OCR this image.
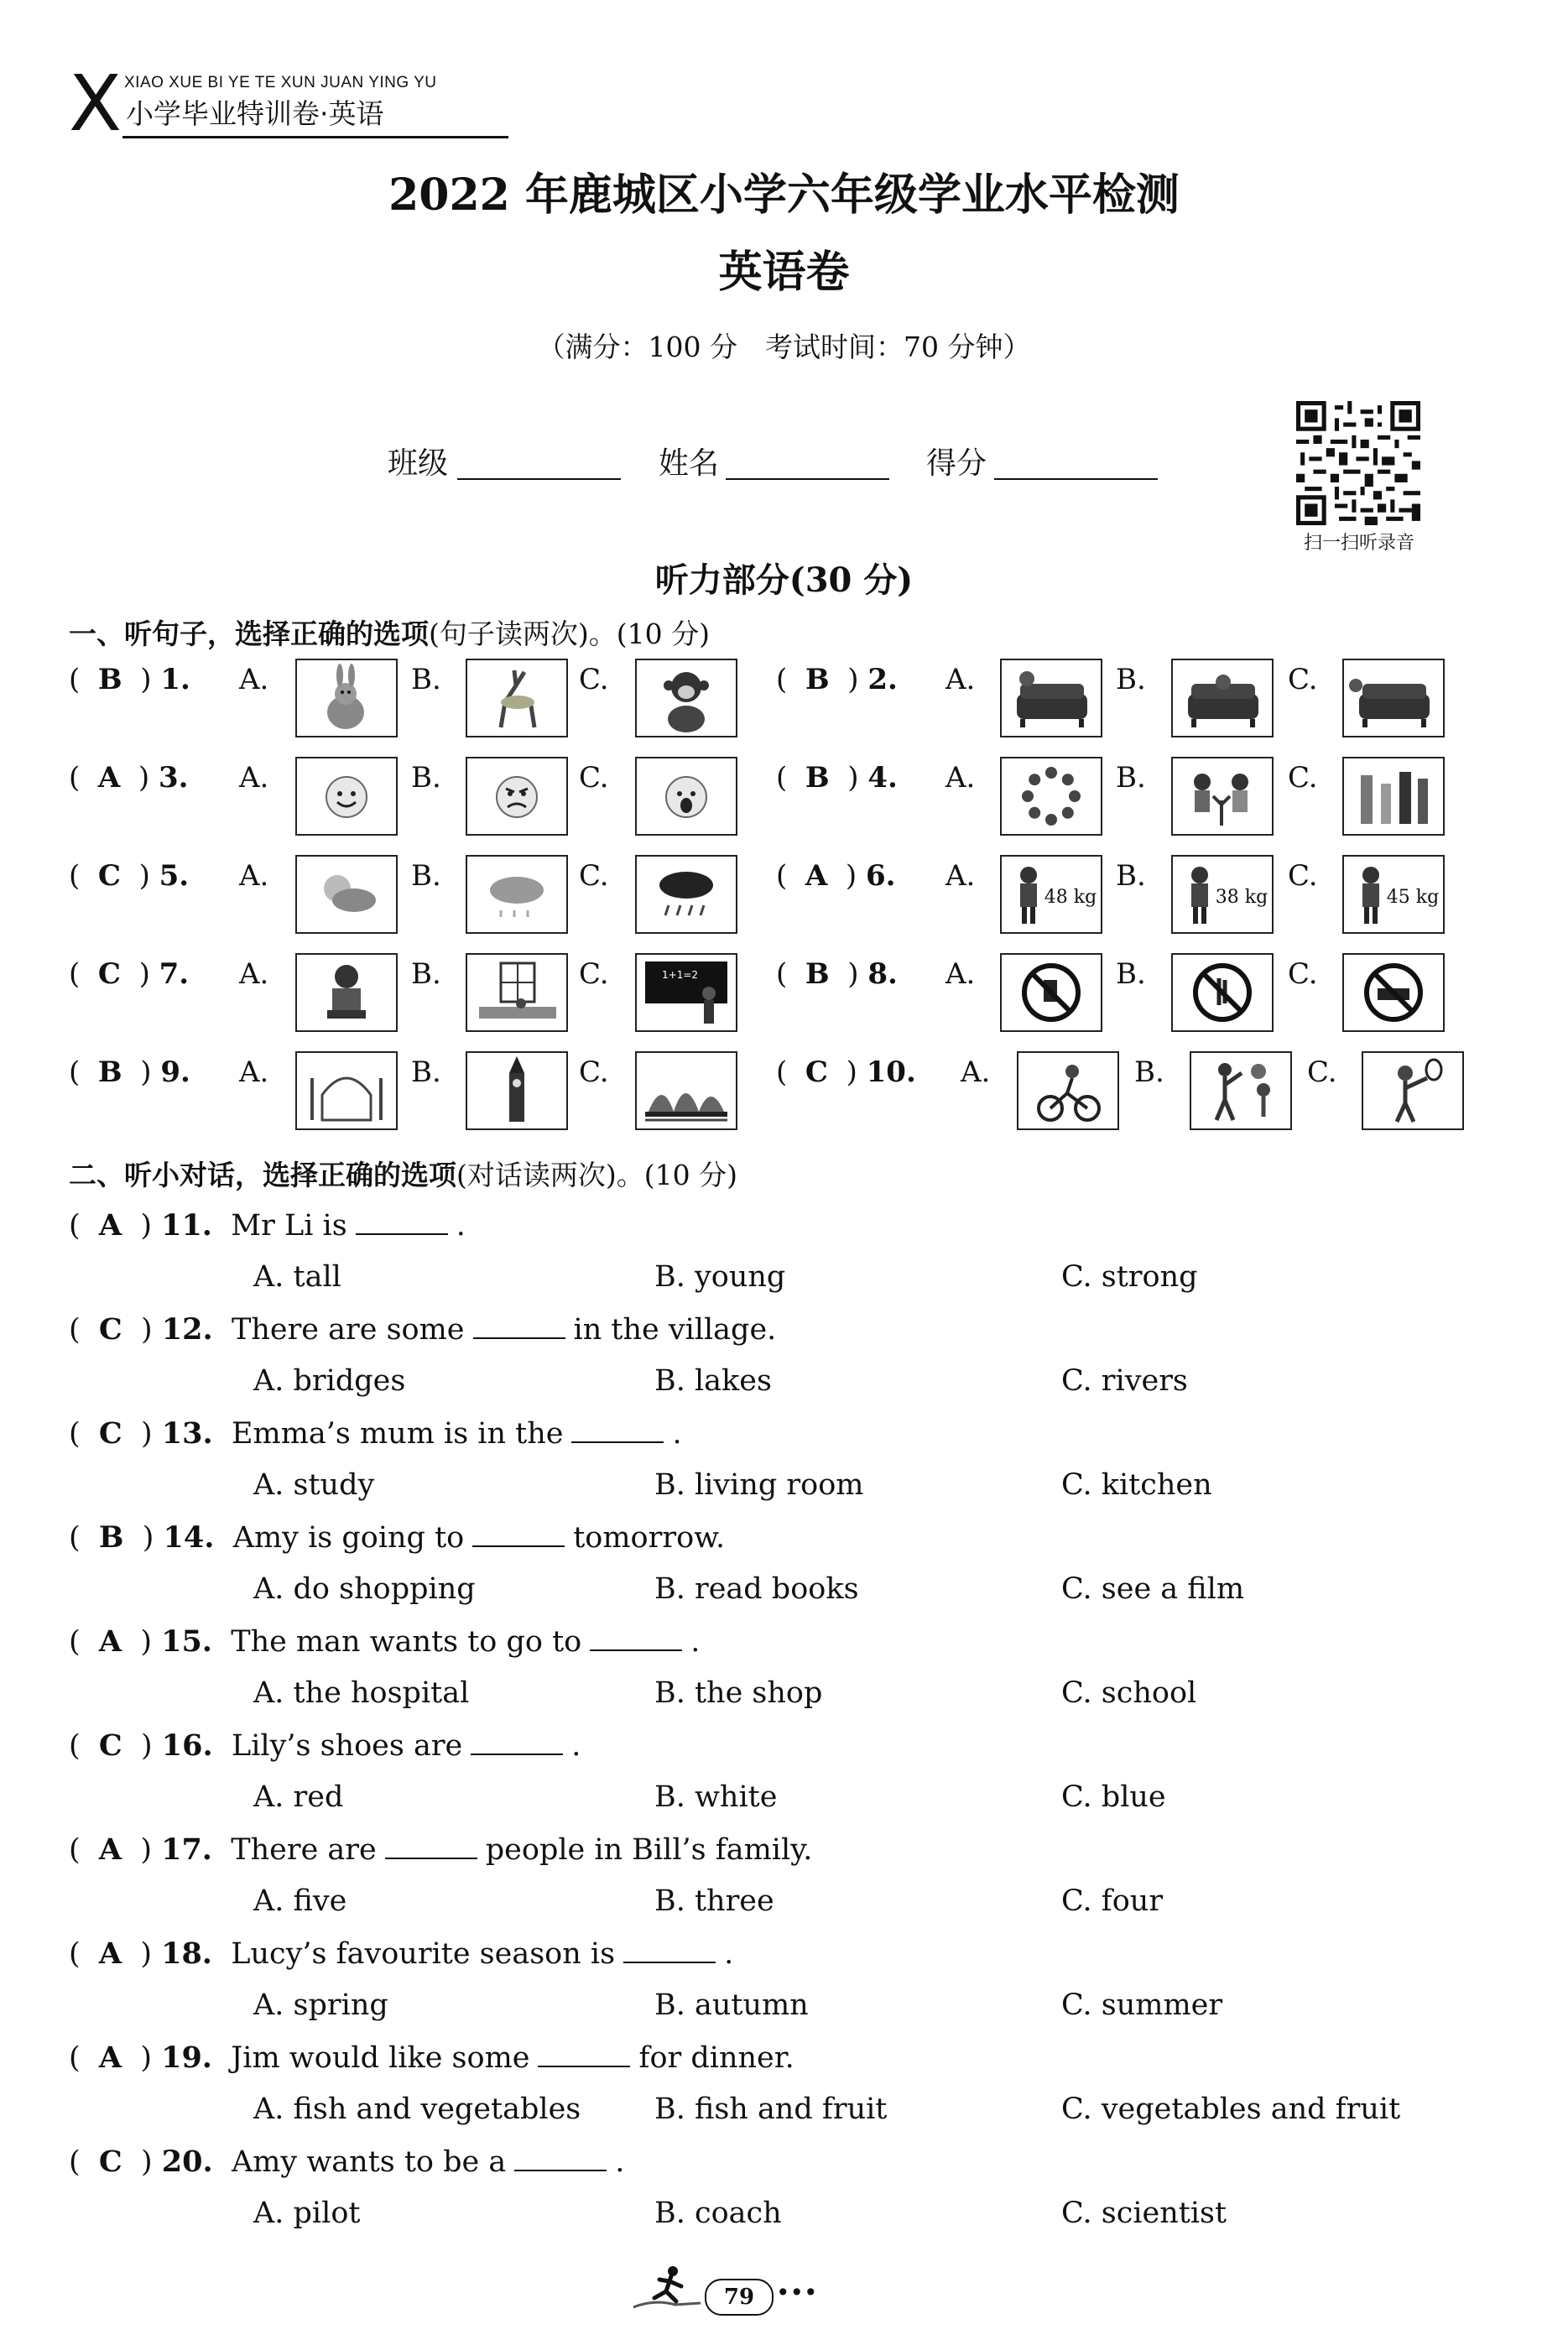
X XIAO XUE BI YE TE XUN JUAN YING YU
小学毕业特训卷·英语
2022 年鹿城区小学六年级学业水平检测
英语卷
（满分：100 分　考试时间：70 分钟）
班级	姓名	得分
扫一扫听录音
听力部分(30 分)
一、听句子，选择正确的选项(句子读两次)。(10 分)
二、听小对话，选择正确的选项(对话读两次)。(10 分)
79 •••
(  B  ) 1. A.	B.	C.	(  B  ) 2. A.	B.	C.
(  A  ) 3. A.	B.	C.	(  B  ) 4. A.	B.	C.
(  C  ) 5. A.	B.	C.	(  A  ) 6. A.
48 kg
B.
38 kg
C.
45 kg
(  C  ) 7. A.	B.	C.	1+1=2	(  B  ) 8. A.	B.	C.
(  B  ) 9. A.	B.	C.	(  C  ) 10. A.	B.	C.
(  A  ) 11. Mr Li is	.
A. tall	B. young	C. strong
(  C  ) 12. There are some	in the village.
A. bridges	B. lakes	C. rivers
(  C  ) 13. Emma’s mum is in the	.
A. study	B. living room	C. kitchen
(  B  ) 14. Amy is going to	tomorrow.
A. do shopping	B. read books	C. see a film
(  A  ) 15. The man wants to go to	.
A. the hospital	B. the shop	C. school
(  C  ) 16. Lily’s shoes are	.
A. red	B. white	C. blue
(  A  ) 17. There are	people in Bill’s family.
A. five	B. three	C. four
(  A  ) 18. Lucy’s favourite season is	.
A. spring	B. autumn	C. summer
(  A  ) 19. Jim would like some	for dinner.
A. fish and vegetables	B. fish and fruit	C. vegetables and fruit
(  C  ) 20. Amy wants to be a	.
A. pilot	B. coach	C. scientist
